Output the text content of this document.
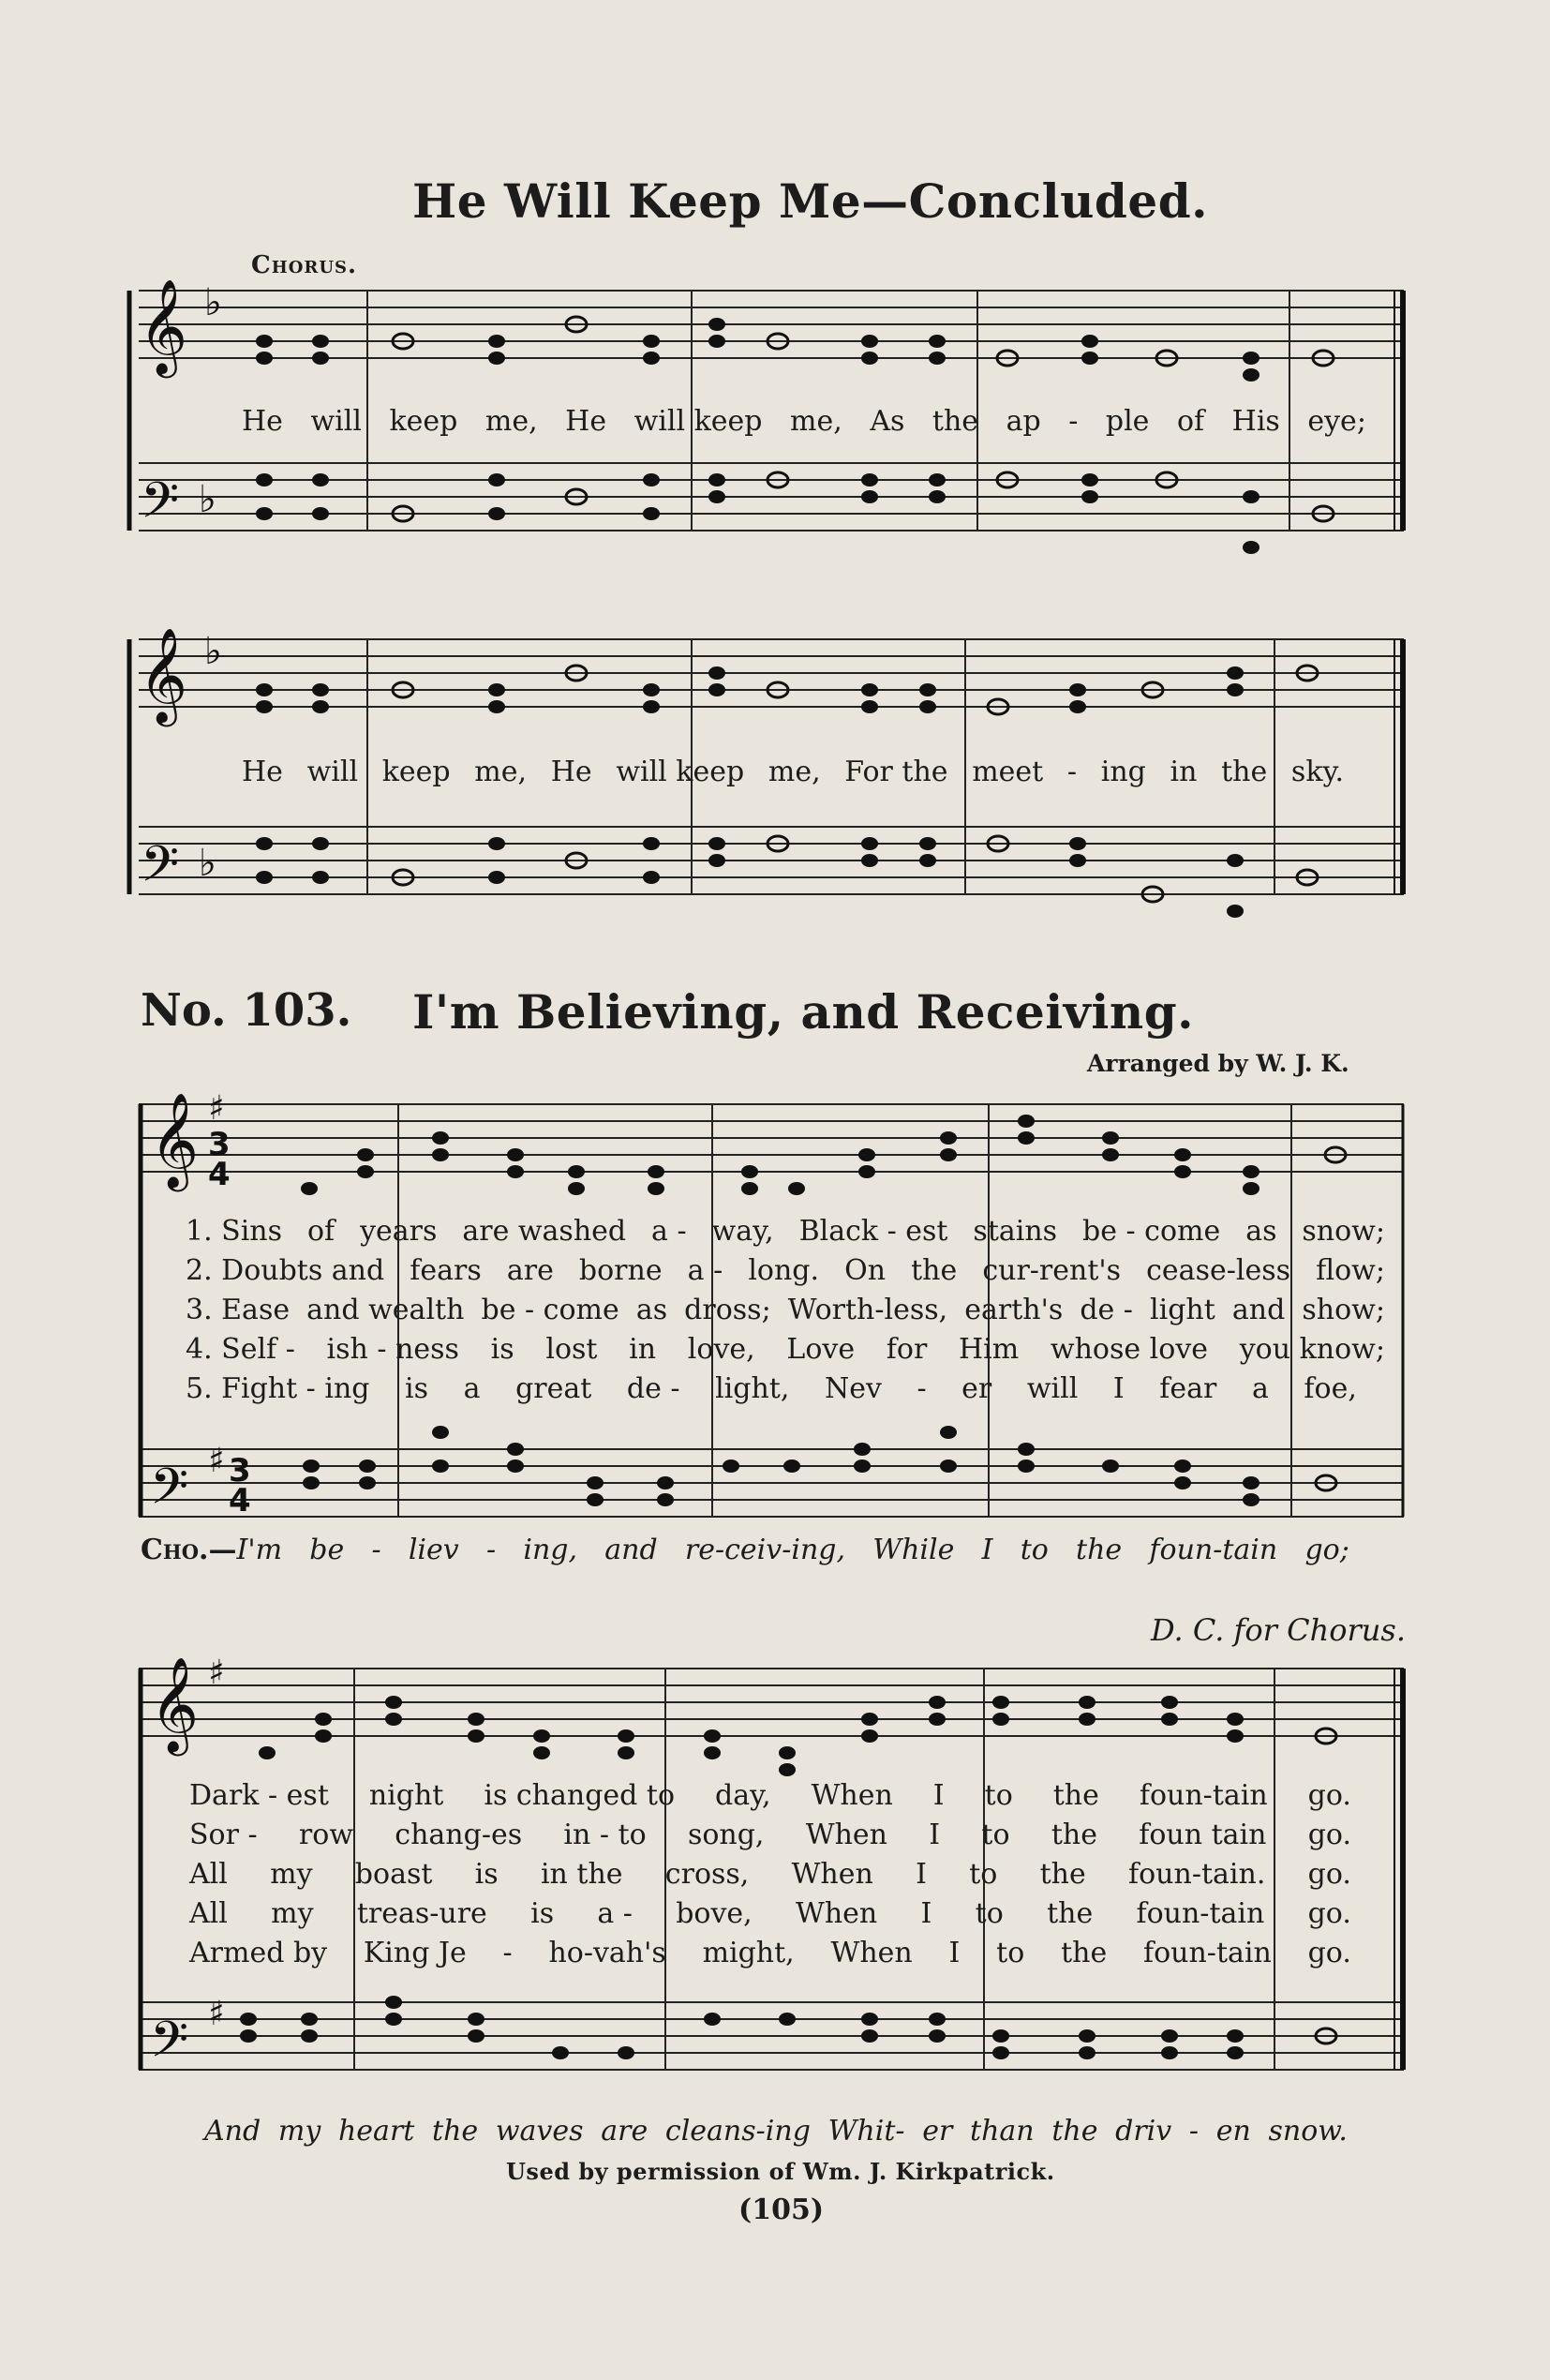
He Will Keep Me—Concluded.
Chorus.
𝄞
𝄢
𝄞
𝄢
𝄞
𝄢
𝄞
𝄢
♭
♭
♭
♭
♯
♯
♯
♯
3
4
3
4
He will keep me, He will keep me, As the ap - ple of His eye;
He will keep me, He will keep me, For the meet - ing in the sky.
No. 103. I'm Believing, and Receiving.
Arranged by W. J. K.
1. Sins of years are washed a - way, Black - est stains be - come as snow;
2. Doubts and fears are borne a - long. On the cur-rent's cease-less flow;
3. Ease and wealth be - come as dross; Worth-less, earth's de - light and show;
4. Self - ish - ness is lost in love, Love for Him whose love you know;
5. Fight - ing is a great de - light, Nev - er will I fear a foe,
Cho.—I'm be - liev - ing, and re-ceiv-ing, While I to the foun-tain go;
D. C. for Chorus.
Dark - est night is changed to day, When I to the foun-tain go.
Sor - row chang-es in - to song, When I to the foun tain go.
All my boast is in the cross, When I to the foun-tain. go.
All my treas-ure is a - bove, When I to the foun-tain go.
Armed by King Je - ho-vah's might, When I to the foun-tain go.
And my heart the waves are cleans-ing Whit- er than the driv - en snow.
Used by permission of Wm. J. Kirkpatrick.
(105)
